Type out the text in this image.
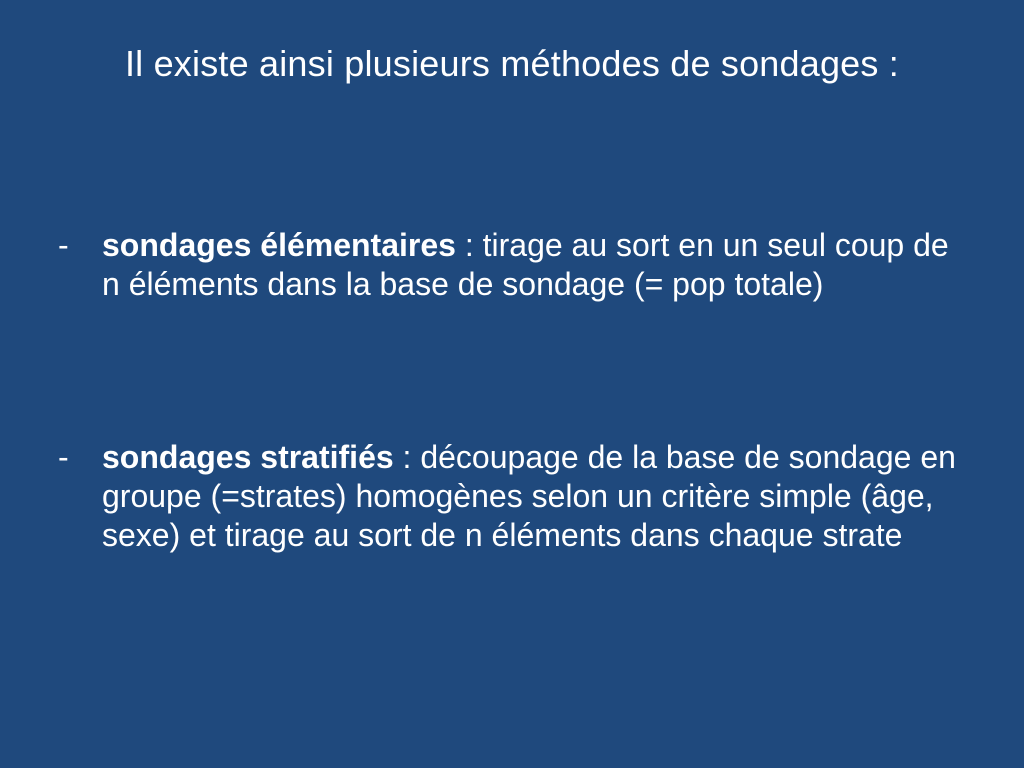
Il existe ainsi plusieurs méthodes de sondages :
-	sondages élémentaires : tirage au sort en un seul coup de n éléments dans la base de sondage (= pop totale)
-	sondages stratifiés : découpage de la base de sondage en groupe (=strates) homogènes selon un critère simple (âge, sexe) et tirage au sort de n éléments dans chaque strate
